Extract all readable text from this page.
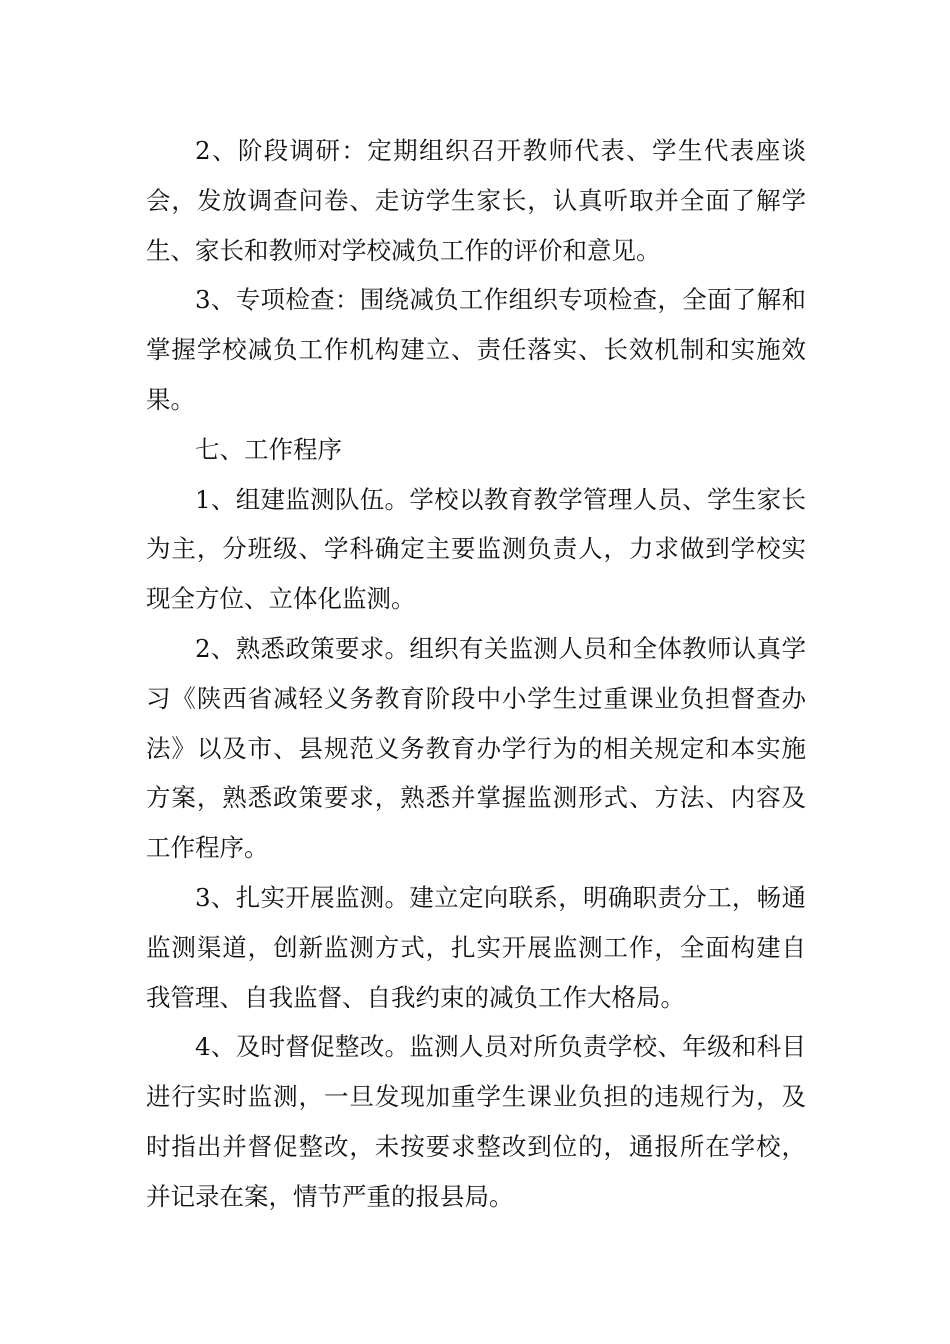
2、阶段调研：定期组织召开教师代表、学生代表座谈会，发放调查问卷、走访学生家长，认真听取并全面了解学生、家长和教师对学校减负工作的评价和意见。

3、专项检查：围绕减负工作组织专项检查，全面了解和掌握学校减负工作机构建立、责任落实、长效机制和实施效果。

七、工作程序

1、组建监测队伍。学校以教育教学管理人员、学生家长为主，分班级、学科确定主要监测负责人，力求做到学校实现全方位、立体化监测。

2、熟悉政策要求。组织有关监测人员和全体教师认真学习《陕西省减轻义务教育阶段中小学生过重课业负担督查办法》以及市、县规范义务教育办学行为的相关规定和本实施方案，熟悉政策要求，熟悉并掌握监测形式、方法、内容及工作程序。

3、扎实开展监测。建立定向联系，明确职责分工，畅通监测渠道，创新监测方式，扎实开展监测工作，全面构建自我管理、自我监督、自我约束的减负工作大格局。

4、及时督促整改。监测人员对所负责学校、年级和科目进行实时监测，一旦发现加重学生课业负担的违规行为，及时指出并督促整改，未按要求整改到位的，通报所在学校，并记录在案，情节严重的报县局。
